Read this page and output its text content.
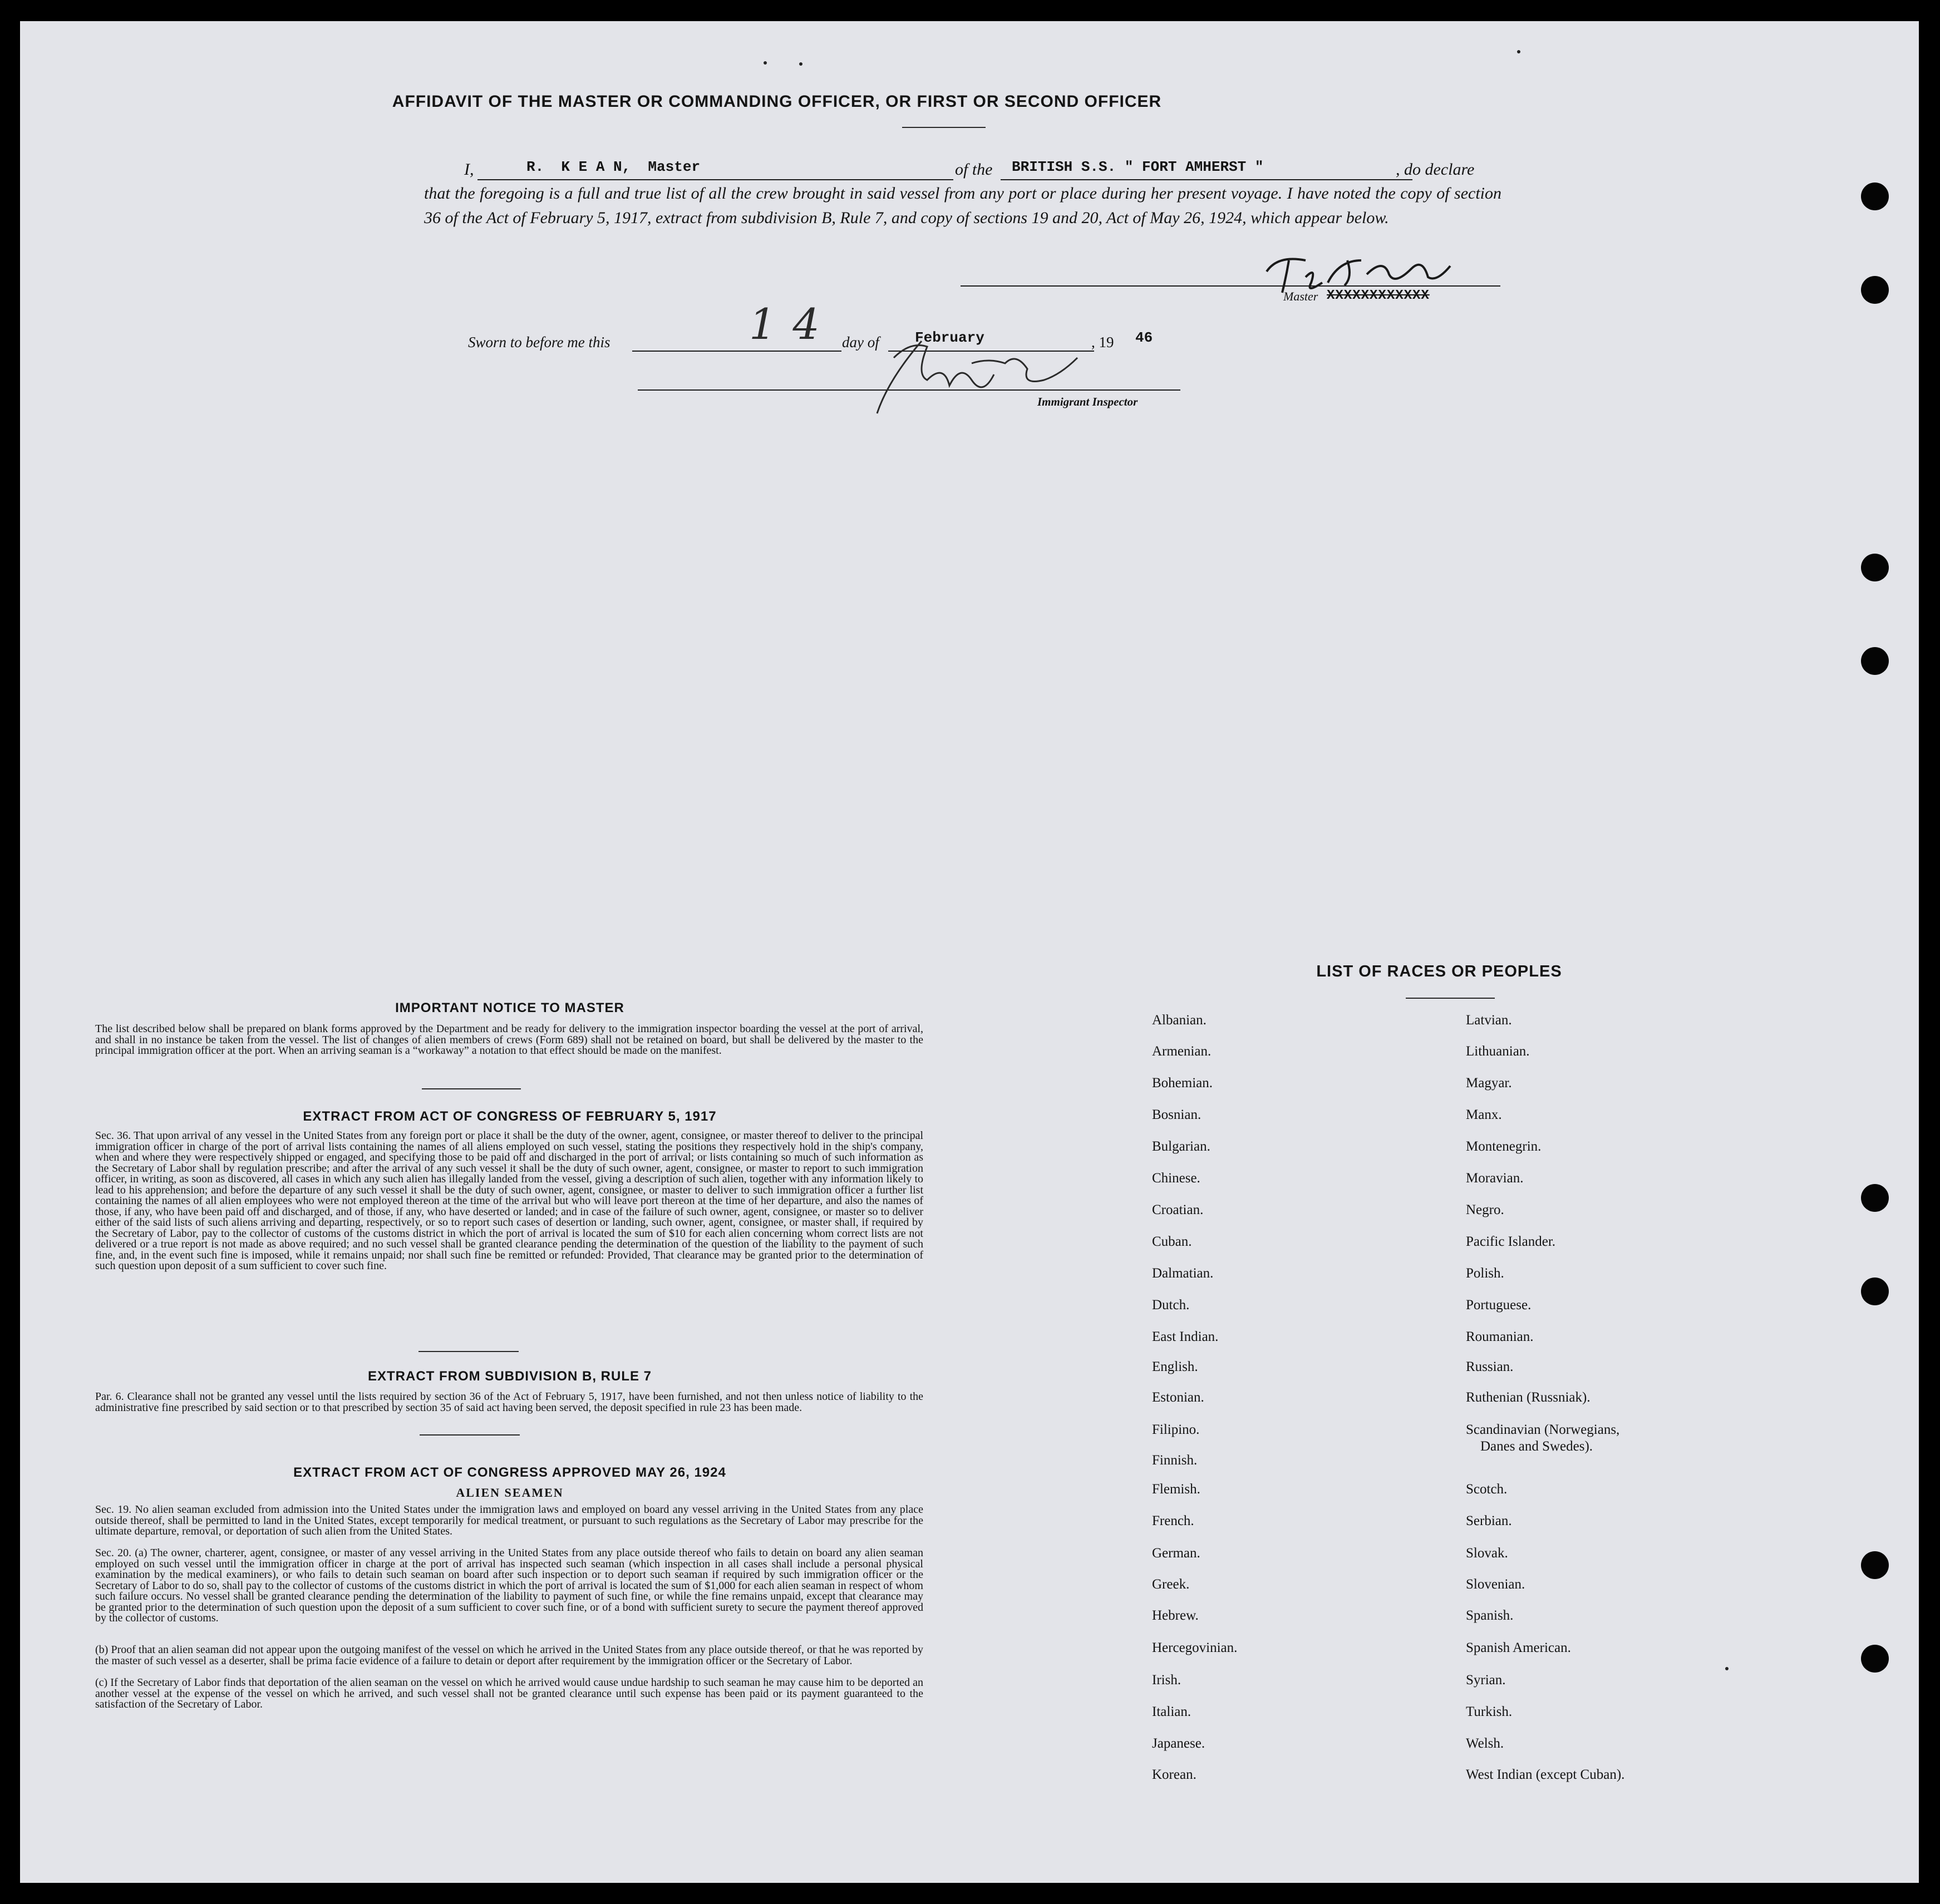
AFFIDAVIT OF THE MASTER OR COMMANDING OFFICER, OR FIRST OR SECOND OFFICER
I,	R.  K E A N,  Master	of the BRITISH S.S. " FORT AMHERST "	, do declare
that the foregoing is a full and true list of all the crew brought in said vessel from any port or place during her present voyage. I have noted the copy of section 36 of the Act of February 5, 1917, extract from subdivision B, Rule 7, and copy of sections 19 and 20, Act of May 26, 1924, which appear below.
Master XXXXXXXXXXXX
Sworn to before me this	14 day of February	, 19 46
Immigrant Inspector
IMPORTANT NOTICE TO MASTER
The list described below shall be prepared on blank forms approved by the Department and be ready for delivery to the immigration inspector boarding the vessel at the port of arrival, and shall in no instance be taken from the vessel. The list of changes of alien members of crews (Form 689) shall not be retained on board, but shall be delivered by the master to the principal immigration officer at the port. When an arriving seaman is a “workaway” a notation to that effect should be made on the manifest.
EXTRACT FROM ACT OF CONGRESS OF FEBRUARY 5, 1917
Sec. 36. That upon arrival of any vessel in the United States from any foreign port or place it shall be the duty of the owner, agent, consignee, or master thereof to deliver to the principal immigration officer in charge of the port of arrival lists containing the names of all aliens employed on such vessel, stating the positions they respectively hold in the ship's company, when and where they were respectively shipped or engaged, and specifying those to be paid off and discharged in the port of arrival; or lists containing so much of such information as the Secretary of Labor shall by regulation prescribe; and after the arrival of any such vessel it shall be the duty of such owner, agent, consignee, or master to report to such immigration officer, in writing, as soon as discovered, all cases in which any such alien has illegally landed from the vessel, giving a description of such alien, together with any information likely to lead to his apprehension; and before the departure of any such vessel it shall be the duty of such owner, agent, consignee, or master to deliver to such immigration officer a further list containing the names of all alien employees who were not employed thereon at the time of the arrival but who will leave port thereon at the time of her departure, and also the names of those, if any, who have been paid off and discharged, and of those, if any, who have deserted or landed; and in case of the failure of such owner, agent, consignee, or master so to deliver either of the said lists of such aliens arriving and departing, respectively, or so to report such cases of desertion or landing, such owner, agent, consignee, or master shall, if required by the Secretary of Labor, pay to the collector of customs of the customs district in which the port of arrival is located the sum of $10 for each alien concerning whom correct lists are not delivered or a true report is not made as above required; and no such vessel shall be granted clearance pending the determination of the question of the liability to the payment of such fine, and, in the event such fine is imposed, while it remains unpaid; nor shall such fine be remitted or refunded: Provided, That clearance may be granted prior to the determination of such question upon deposit of a sum sufficient to cover such fine.
EXTRACT FROM SUBDIVISION B, RULE 7
Par. 6. Clearance shall not be granted any vessel until the lists required by section 36 of the Act of February 5, 1917, have been furnished, and not then unless notice of liability to the administrative fine prescribed by said section or to that prescribed by section 35 of said act having been served, the deposit specified in rule 23 has been made.
EXTRACT FROM ACT OF CONGRESS APPROVED MAY 26, 1924
ALIEN SEAMEN
Sec. 19. No alien seaman excluded from admission into the United States under the immigration laws and employed on board any vessel arriving in the United States from any place outside thereof, shall be permitted to land in the United States, except temporarily for medical treatment, or pursuant to such regulations as the Secretary of Labor may prescribe for the ultimate departure, removal, or deportation of such alien from the United States.
Sec. 20. (a) The owner, charterer, agent, consignee, or master of any vessel arriving in the United States from any place outside thereof who fails to detain on board any alien seaman employed on such vessel until the immigration officer in charge at the port of arrival has inspected such seaman (which inspection in all cases shall include a personal physical examination by the medical examiners), or who fails to detain such seaman on board after such inspection or to deport such seaman if required by such immigration officer or the Secretary of Labor to do so, shall pay to the collector of customs of the customs district in which the port of arrival is located the sum of $1,000 for each alien seaman in respect of whom such failure occurs. No vessel shall be granted clearance pending the determination of the liability to payment of such fine, or while the fine remains unpaid, except that clearance may be granted prior to the determination of such question upon the deposit of a sum sufficient to cover such fine, or of a bond with sufficient surety to secure the payment thereof approved by the collector of customs.
(b) Proof that an alien seaman did not appear upon the outgoing manifest of the vessel on which he arrived in the United States from any place outside thereof, or that he was reported by the master of such vessel as a deserter, shall be prima facie evidence of a failure to detain or deport after requirement by the immigration officer or the Secretary of Labor.
(c) If the Secretary of Labor finds that deportation of the alien seaman on the vessel on which he arrived would cause undue hardship to such seaman he may cause him to be deported an another vessel at the expense of the vessel on which he arrived, and such vessel shall not be granted clearance until such expense has been paid or its payment guaranteed to the satisfaction of the Secretary of Labor.
LIST OF RACES OR PEOPLES
Albanian.
Armenian.
Bohemian.
Bosnian.
Bulgarian.
Chinese.
Croatian.
Cuban.
Dalmatian.
Dutch.
East Indian.
English.
Estonian.
Filipino.
Finnish.
Flemish.
French.
German.
Greek.
Hebrew.
Hercegovinian.
Irish.
Italian.
Japanese.
Korean.
Latvian.
Lithuanian.
Magyar.
Manx.
Montenegrin.
Moravian.
Negro.
Pacific Islander.
Polish.
Portuguese.
Roumanian.
Russian.
Ruthenian (Russniak).
Scandinavian (Norwegians,
Danes and Swedes).
Scotch.
Serbian.
Slovak.
Slovenian.
Spanish.
Spanish American.
Syrian.
Turkish.
Welsh.
West Indian (except Cuban).
